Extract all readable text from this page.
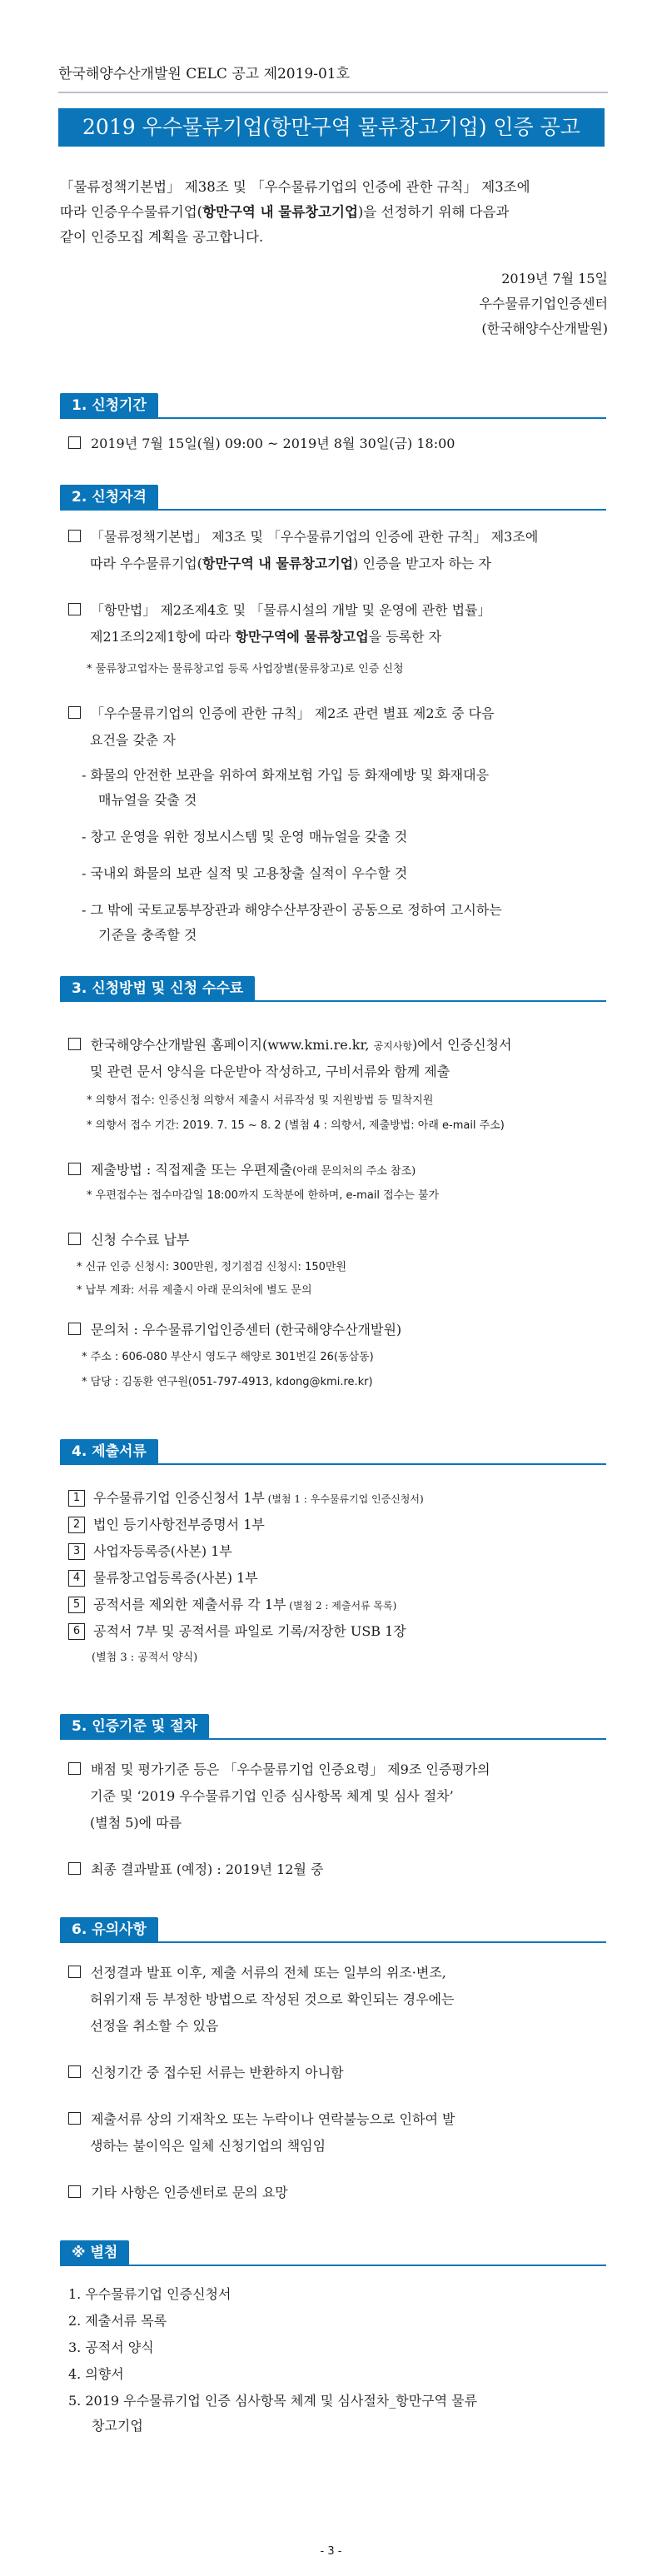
한국해양수산개발원 CELC 공고 제2019-01호
2019 우수물류기업(항만구역 물류창고기업) 인증 공고
「물류정책기본법」 제38조 및 「우수물류기업의 인증에 관한 규칙」 제3조에
따라 인증우수물류기업(항만구역 내 물류창고기업)을 선정하기 위해 다음과
같이 인증모집 계획을 공고합니다.
2019년 7월 15일
우수물류기업인증센터
(한국해양수산개발원)
1. 신청기간
2019년 7월 15일(월) 09:00 ~ 2019년 8월 30일(금) 18:00
2. 신청자격
「물류정책기본법」 제3조 및 「우수물류기업의 인증에 관한 규칙」 제3조에
따라 우수물류기업(항만구역 내 물류창고기업) 인증을 받고자 하는 자
「항만법」 제2조제4호 및 「물류시설의 개발 및 운영에 관한 법률」
제21조의2제1항에 따라 항만구역에 물류창고업을 등록한 자
* 물류창고업자는 물류창고업 등록 사업장별(물류창고)로 인증 신청
「우수물류기업의 인증에 관한 규칙」 제2조 관련 별표 제2호 중 다음
요건을 갖춘 자
- 화물의 안전한 보관을 위하여 화재보험 가입 등 화재예방 및 화재대응
매뉴얼을 갖출 것
- 창고 운영을 위한 정보시스템 및 운영 매뉴얼을 갖출 것
- 국내외 화물의 보관 실적 및 고용창출 실적이 우수할 것
- 그 밖에 국토교통부장관과 해양수산부장관이 공동으로 정하여 고시하는
기준을 충족할 것
3. 신청방법 및 신청 수수료
한국해양수산개발원 홈페이지(www.kmi.re.kr, 공지사항)에서 인증신청서
및 관련 문서 양식을 다운받아 작성하고, 구비서류와 함께 제출
* 의향서 접수: 인증신청 의향서 제출시 서류작성 및 지원방법 등 밀착지원
* 의향서 접수 기간: 2019. 7. 15 ~ 8. 2 (별첨 4 : 의향서, 제출방법: 아래 e-mail 주소)
제출방법 : 직접제출 또는 우편제출(아래 문의처의 주소 참조)
* 우편접수는 접수마감일 18:00까지 도착분에 한하며, e-mail 접수는 불가
신청 수수료 납부
* 신규 인증 신청시: 300만원, 정기점검 신청시: 150만원
* 납부 계좌: 서류 제출시 아래 문의처에 별도 문의
문의처 : 우수물류기업인증센터 (한국해양수산개발원)
* 주소 : 606-080 부산시 영도구 해양로 301번길 26(동삼동)
* 담당 : 김동환 연구원(051-797-4913, kdong@kmi.re.kr)
4. 제출서류
1 우수물류기업 인증신청서 1부 (별첨 1 : 우수물류기업 인증신청서)
2 법인 등기사항전부증명서 1부
3 사업자등록증(사본) 1부
4 물류창고업등록증(사본) 1부
5 공적서를 제외한 제출서류 각 1부 (별첨 2 : 제출서류 목록)
6 공적서 7부 및 공적서를 파일로 기록/저장한 USB 1장
(별첨 3 : 공적서 양식)
5. 인증기준 및 절차
배점 및 평가기준 등은 「우수물류기업 인증요령」 제9조 인증평가의
기준 및 ‘2019 우수물류기업 인증 심사항목 체계 및 심사 절차’
(별첨 5)에 따름
최종 결과발표 (예정) : 2019년 12월 중
6. 유의사항
선정결과 발표 이후, 제출 서류의 전체 또는 일부의 위조·변조,
허위기재 등 부정한 방법으로 작성된 것으로 확인되는 경우에는
선정을 취소할 수 있음
신청기간 중 접수된 서류는 반환하지 아니함
제출서류 상의 기재착오 또는 누락이나 연락불능으로 인하여 발
생하는 불이익은 일체 신청기업의 책임임
기타 사항은 인증센터로 문의 요망
※ 별첨
1. 우수물류기업 인증신청서
2. 제출서류 목록
3. 공적서 양식
4. 의향서
5. 2019 우수물류기업 인증 심사항목 체계 및 심사절차_항만구역 물류
창고기업
- 3 -
